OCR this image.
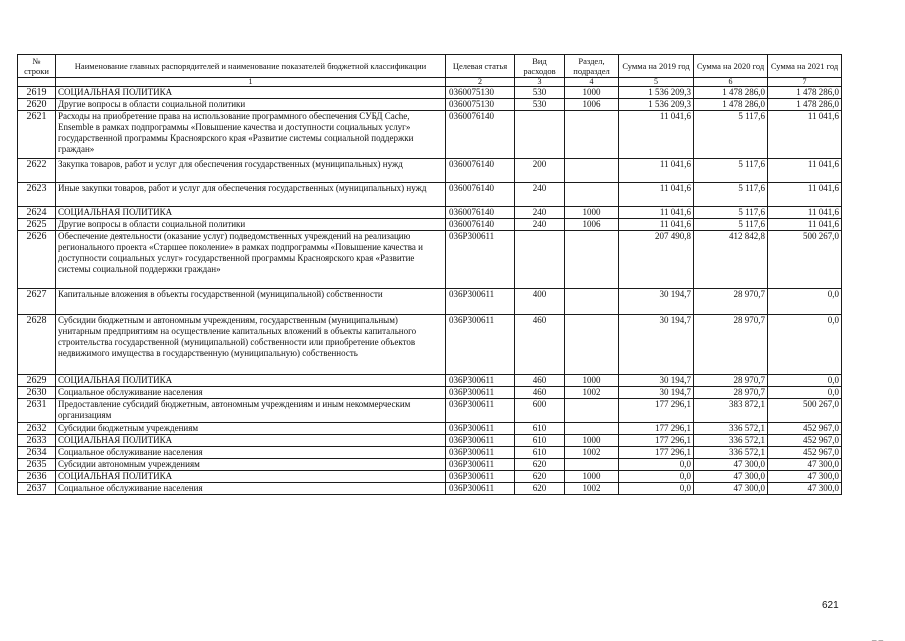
№ строки	Наименование главных распорядителей и наименование показателей бюджетной классификации	Целевая статья	Вид расходов	Раздел, подраздел	Сумма на 2019 год	Сумма на 2020 год	Сумма на 2021 год
	1	2	3	4	5	6	7
2619	СОЦИАЛЬНАЯ ПОЛИТИКА	0360075130	530	1000	1 536 209,3	1 478 286,0	1 478 286,0
2620	Другие вопросы в области социальной политики	0360075130	530	1006	1 536 209,3	1 478 286,0	1 478 286,0
2621	Расходы на приобретение права на использование программного обеспечения СУБД Cache, Ensemble в рамках подпрограммы «Повышение качества и доступности социальных услуг» государственной программы Красноярского края «Развитие системы социальной поддержки граждан»	0360076140			11 041,6	5 117,6	11 041,6
2622	Закупка товаров, работ и услуг для обеспечения государственных (муниципальных) нужд	0360076140	200		11 041,6	5 117,6	11 041,6
2623	Иные закупки товаров, работ и услуг для обеспечения государственных (муниципальных) нужд	0360076140	240		11 041,6	5 117,6	11 041,6
2624	СОЦИАЛЬНАЯ ПОЛИТИКА	0360076140	240	1000	11 041,6	5 117,6	11 041,6
2625	Другие вопросы в области социальной политики	0360076140	240	1006	11 041,6	5 117,6	11 041,6
2626	Обеспечение деятельности (оказание услуг) подведомственных учреждений на реализацию регионального проекта «Старшее поколение» в рамках подпрограммы «Повышение качества и доступности социальных услуг» государственной программы Красноярского края «Развитие системы социальной поддержки граждан»	036P300611			207 490,8	412 842,8	500 267,0
2627	Капитальные вложения в объекты государственной (муниципальной) собственности	036P300611	400		30 194,7	28 970,7	0,0
2628	Субсидии бюджетным и автономным учреждениям, государственным (муниципальным) унитарным предприятиям на осуществление капитальных вложений в объекты капитального строительства государственной (муниципальной) собственности или приобретение объектов недвижимого имущества в государственную (муниципальную) собственность	036P300611	460		30 194,7	28 970,7	0,0
2629	СОЦИАЛЬНАЯ ПОЛИТИКА	036P300611	460	1000	30 194,7	28 970,7	0,0
2630	Социальное обслуживание населения	036P300611	460	1002	30 194,7	28 970,7	0,0
2631	Предоставление субсидий бюджетным, автономным учреждениям и иным некоммерческим организациям	036P300611	600		177 296,1	383 872,1	500 267,0
2632	Субсидии бюджетным учреждениям	036P300611	610		177 296,1	336 572,1	452 967,0
2633	СОЦИАЛЬНАЯ ПОЛИТИКА	036P300611	610	1000	177 296,1	336 572,1	452 967,0
2634	Социальное обслуживание населения	036P300611	610	1002	177 296,1	336 572,1	452 967,0
2635	Субсидии автономным учреждениям	036P300611	620		0,0	47 300,0	47 300,0
2636	СОЦИАЛЬНАЯ ПОЛИТИКА	036P300611	620	1000	0,0	47 300,0	47 300,0
2637	Социальное обслуживание населения	036P300611	620	1002	0,0	47 300,0	47 300,0
621
_ _
